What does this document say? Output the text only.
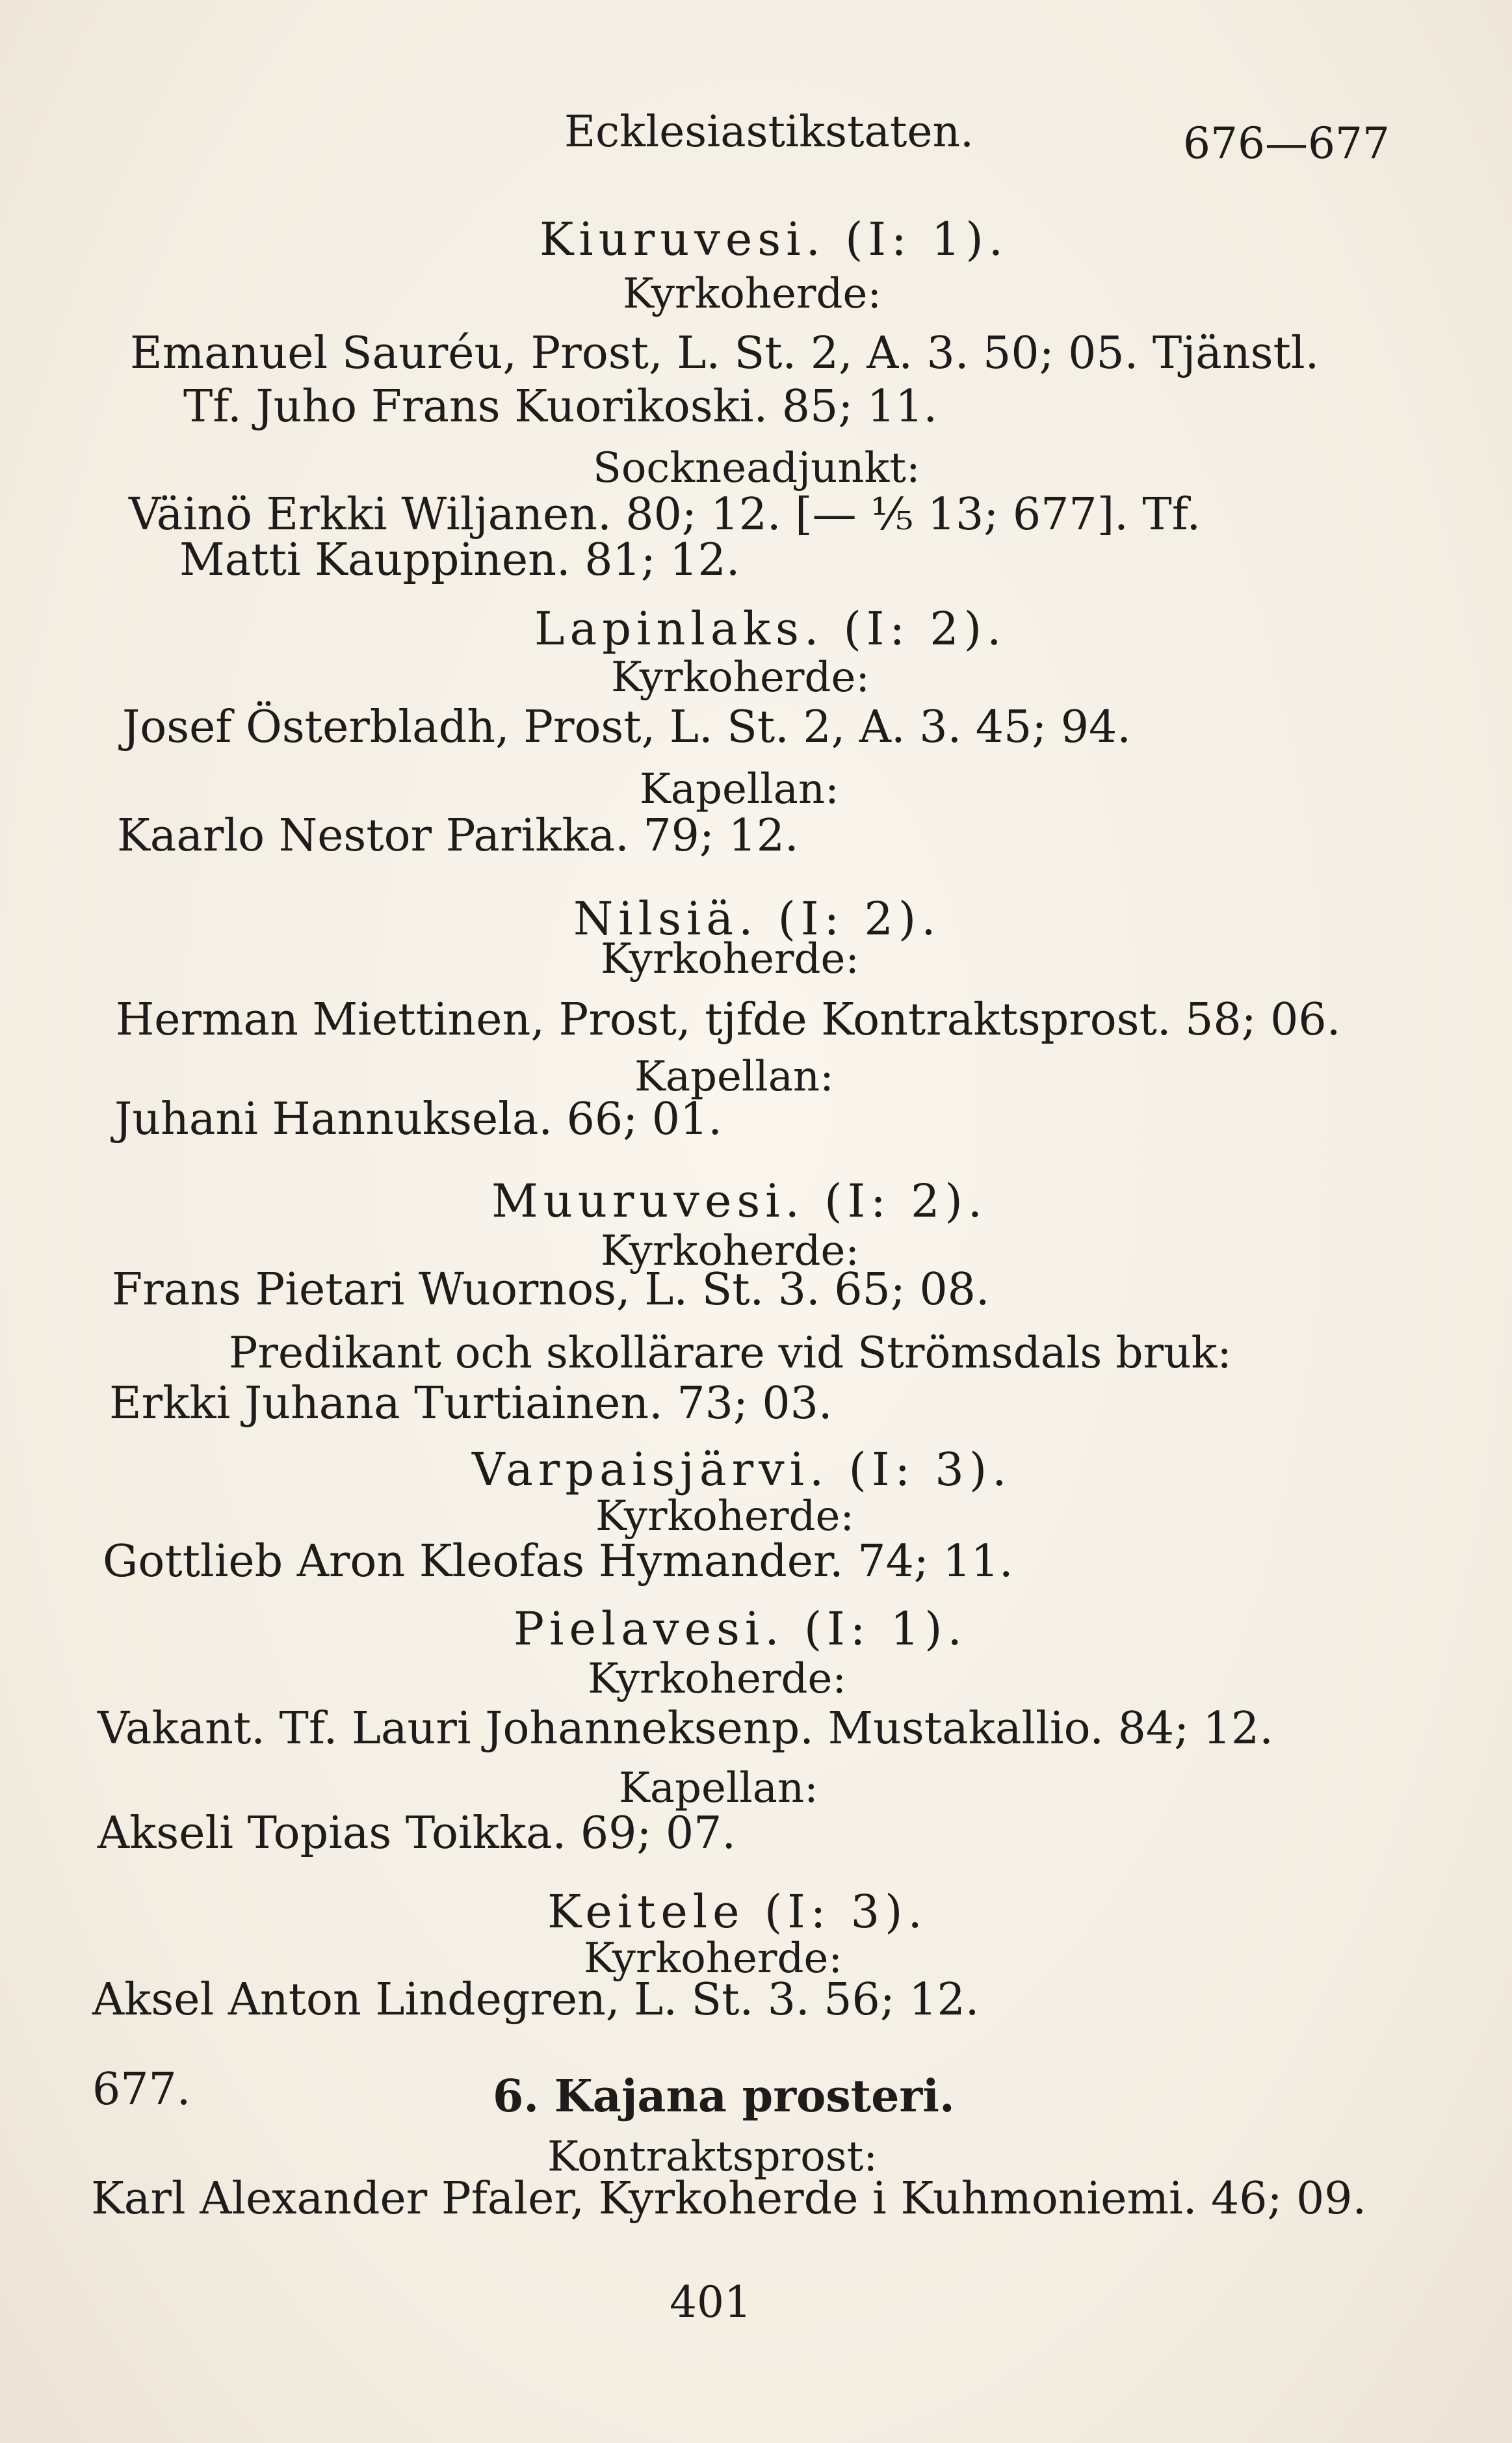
Ecklesiastikstaten.	676—677
Kiuruvesi. (I: 1).
Kyrkoherde:
Emanuel Sauréu, Prost, L. St. 2, A. 3. 50; 05. Tjänstl.
Tf. Juho Frans Kuorikoski. 85; 11.
Sockneadjunkt:
Väinö Erkki Wiljanen. 80; 12. [— ⅕ 13; 677]. Tf.
Matti Kauppinen. 81; 12.
Lapinlaks. (I: 2).
Kyrkoherde:
Josef Österbladh, Prost, L. St. 2, A. 3. 45; 94.
Kapellan:
Kaarlo Nestor Parikka. 79; 12.
Nilsiä. (I: 2).
Kyrkoherde:
Herman Miettinen, Prost, tjfde Kontraktsprost. 58; 06.
Kapellan:
Juhani Hannuksela. 66; 01.
Muuruvesi. (I: 2).
Kyrkoherde:
Frans Pietari Wuornos, L. St. 3. 65; 08.
Predikant och skollärare vid Strömsdals bruk:
Erkki Juhana Turtiainen. 73; 03.
Varpaisjärvi. (I: 3).
Kyrkoherde:
Gottlieb Aron Kleofas Hymander. 74; 11.
Pielavesi. (I: 1).
Kyrkoherde:
Vakant. Tf. Lauri Johanneksenp. Mustakallio. 84; 12.
Kapellan:
Akseli Topias Toikka. 69; 07.
Keitele (I: 3).
Kyrkoherde:
Aksel Anton Lindegren, L. St. 3. 56; 12.
677.	6. Kajana prosteri.
Kontraktsprost:
Karl Alexander Pfaler, Kyrkoherde i Kuhmoniemi. 46; 09.
401
